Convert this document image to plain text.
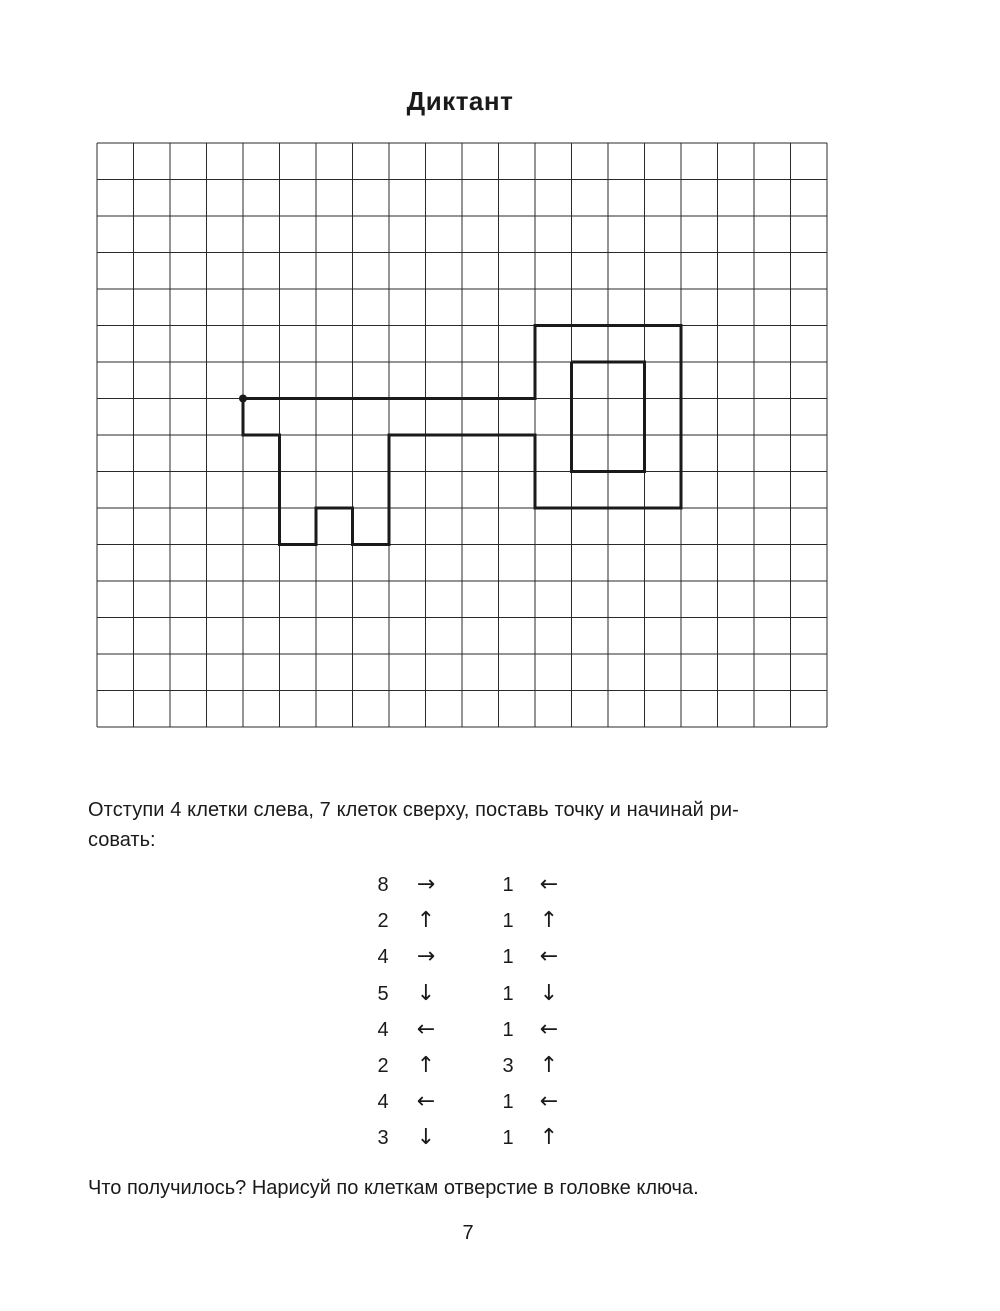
Диктант
Отступи 4 клетки слева, 7 клеток сверху, поставь точку и начинай ри-
совать:
8 →
2 ↑
4 →
5 ↓
4 ←
2 ↑
4 ←
3 ↓
1 ←
1 ↑
1 ←
1 ↓
1 ←
3 ↑
1 ←
1 ↑
Что получилось? Нарисуй по клеткам отверстие в головке ключа.
7
